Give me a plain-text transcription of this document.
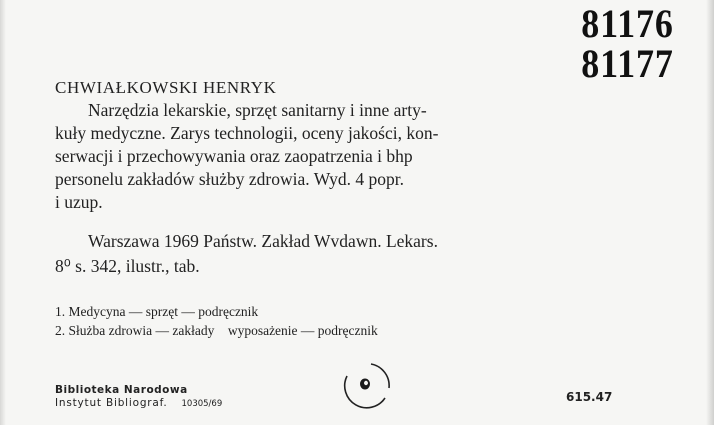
81176
81177
CHWIAŁKOWSKI HENRYK
Narzędzia lekarskie, sprzęt sanitarny i inne arty-
kuły medyczne. Zarys technologii, oceny jakości, kon-
serwacji i przechowywania oraz zaopatrzenia i bhp
personelu zakładów służby zdrowia. Wyd. 4 popr.
i uzup.
Warszawa 1969 Państw. Zakład Wvdawn. Lekars.
8⁰ s. 342, ilustr., tab.
1. Medycyna — sprzęt — podręcznik
2. Służba zdrowia — zakłady    wyposażenie — podręcznik
Biblioteka Narodowa
Instytut Bibliograf. 10305/69	615.47
